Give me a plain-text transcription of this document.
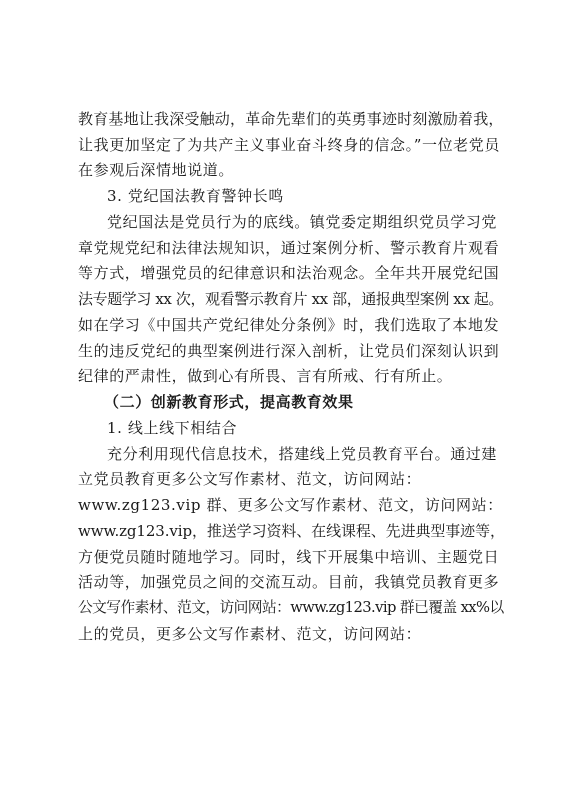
教育基地让我深受触动，革命先辈们的英勇事迹时刻激励着我，
让我更加坚定了为共产主义事业奋斗终身的信念。”一位老党员
在参观后深情地说道。
3. 党纪国法教育警钟长鸣
党纪国法是党员行为的底线。镇党委定期组织党员学习党
章党规党纪和法律法规知识，通过案例分析、警示教育片观看
等方式，增强党员的纪律意识和法治观念。全年共开展党纪国
法专题学习 xx 次，观看警示教育片 xx 部，通报典型案例 xx 起。
如在学习《中国共产党纪律处分条例》时，我们选取了本地发
生的违反党纪的典型案例进行深入剖析，让党员们深刻认识到
纪律的严肃性，做到心有所畏、言有所戒、行有所止。
（二）创新教育形式，提高教育效果
1. 线上线下相结合
充分利用现代信息技术，搭建线上党员教育平台。通过建
立党员教育更多公文写作素材、范文，访问网站：
www.zg123.vip 群、更多公文写作素材、范文，访问网站：
www.zg123.vip，推送学习资料、在线课程、先进典型事迹等，
方便党员随时随地学习。同时，线下开展集中培训、主题党日
活动等，加强党员之间的交流互动。目前，我镇党员教育更多
公文写作素材、范文，访问网站：www.zg123.vip 群已覆盖 xx%以
上的党员，更多公文写作素材、范文，访问网站：
